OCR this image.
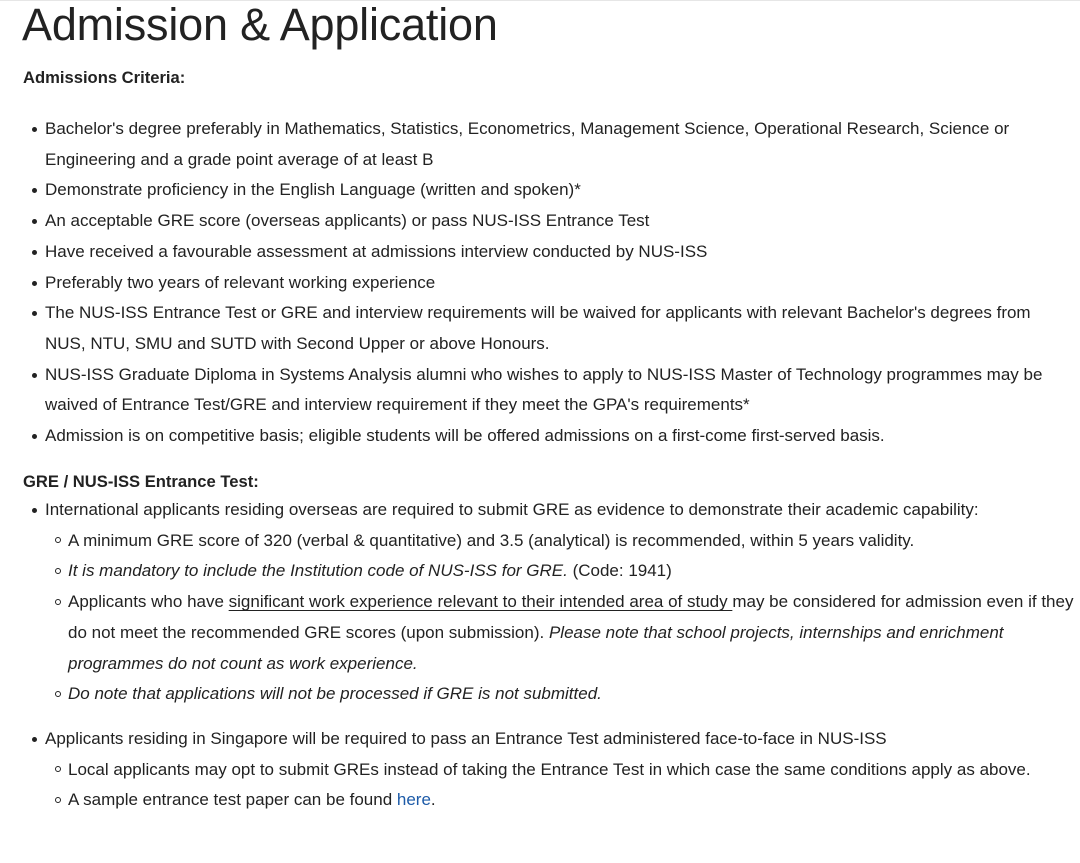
Admission & Application
Admissions Criteria:
Bachelor's degree preferably in Mathematics, Statistics, Econometrics, Management Science, Operational Research, Science or Engineering and a grade point average of at least B
Demonstrate proficiency in the English Language (written and spoken)*
An acceptable GRE score (overseas applicants) or pass NUS-ISS Entrance Test
Have received a favourable assessment at admissions interview conducted by NUS-ISS
Preferably two years of relevant working experience
The NUS-ISS Entrance Test or GRE and interview requirements will be waived for applicants with relevant Bachelor's degrees from NUS, NTU, SMU and SUTD with Second Upper or above Honours.
NUS-ISS Graduate Diploma in Systems Analysis alumni who wishes to apply to NUS-ISS Master of Technology programmes may be waived of Entrance Test/GRE and interview requirement if they meet the GPA's requirements*
Admission is on competitive basis; eligible students will be offered admissions on a first-come first-served basis.
GRE / NUS-ISS Entrance Test:
International applicants residing overseas are required to submit GRE as evidence to demonstrate their academic capability:
A minimum GRE score of 320 (verbal & quantitative) and 3.5 (analytical) is recommended, within 5 years validity.
It is mandatory to include the Institution code of NUS-ISS for GRE. (Code: 1941)
Applicants who have significant work experience relevant to their intended area of study may be considered for admission even if they do not meet the recommended GRE scores (upon submission). Please note that school projects, internships and enrichment programmes do not count as work experience.
Do note that applications will not be processed if GRE is not submitted.
Applicants residing in Singapore will be required to pass an Entrance Test administered face-to-face in NUS-ISS
Local applicants may opt to submit GREs instead of taking the Entrance Test in which case the same conditions apply as above.
A sample entrance test paper can be found here.
